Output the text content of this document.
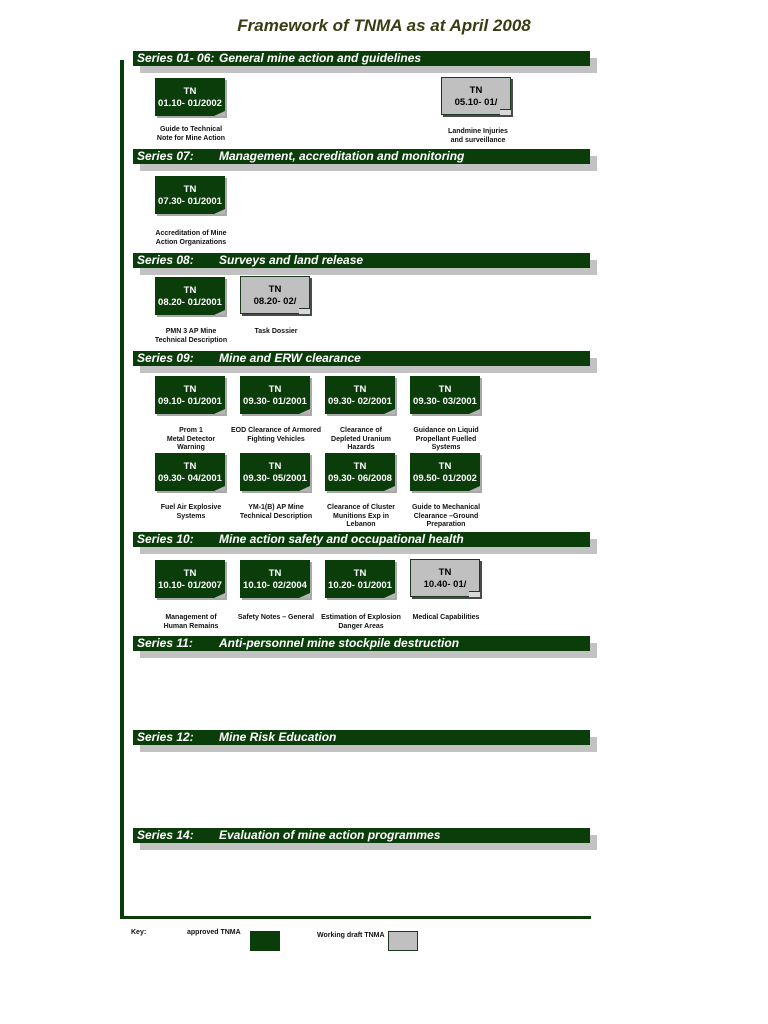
Framework of TNMA as at April 2008
Series 01- 06: General mine action and guidelines
Series 07: Management, accreditation and monitoring
Series 08: Surveys and land release
Series 09: Mine and ERW clearance
Series 10: Mine action safety and occupational health
Series 11: Anti-personnel mine stockpile destruction
Series 12: Mine Risk Education
Series 14: Evaluation of mine action programmes
TN
01.10- 01/2002
Guide to Technical
Note for Mine Action
TN
05.10- 01/
Landmine Injuries
and surveillance
TN
07.30- 01/2001
Accreditation of Mine
Action Organizations
TN
08.20- 01/2001
PMN 3 AP Mine
Technical Description
TN
08.20- 02/
Task Dossier
TN
09.10- 01/2001
Prom 1
Metal Detector
Warning
TN
09.30- 01/2001
EOD Clearance of Armored
Fighting Vehicles
TN
09.30- 02/2001
Clearance of
Depleted Uranium
Hazards
TN
09.30- 03/2001
Guidance on Liquid
Propellant Fuelled
Systems
TN
09.30- 04/2001
Fuel Air Explosive
Systems
TN
09.30- 05/2001
YM-1(B) AP Mine
Technical Description
TN
09.30- 06/2008
Clearance of Cluster
Munitions Exp in
Lebanon
TN
09.50- 01/2002
Guide to Mechanical
Clearance –Ground
Preparation
TN
10.10- 01/2007
Management of
Human Remains
TN
10.10- 02/2004
Safety Notes – General
TN
10.20- 01/2001
Estimation of Explosion
Danger Areas
TN
10.40- 01/
Medical Capabilities
Key:	approved TNMA	Working draft TNMA
